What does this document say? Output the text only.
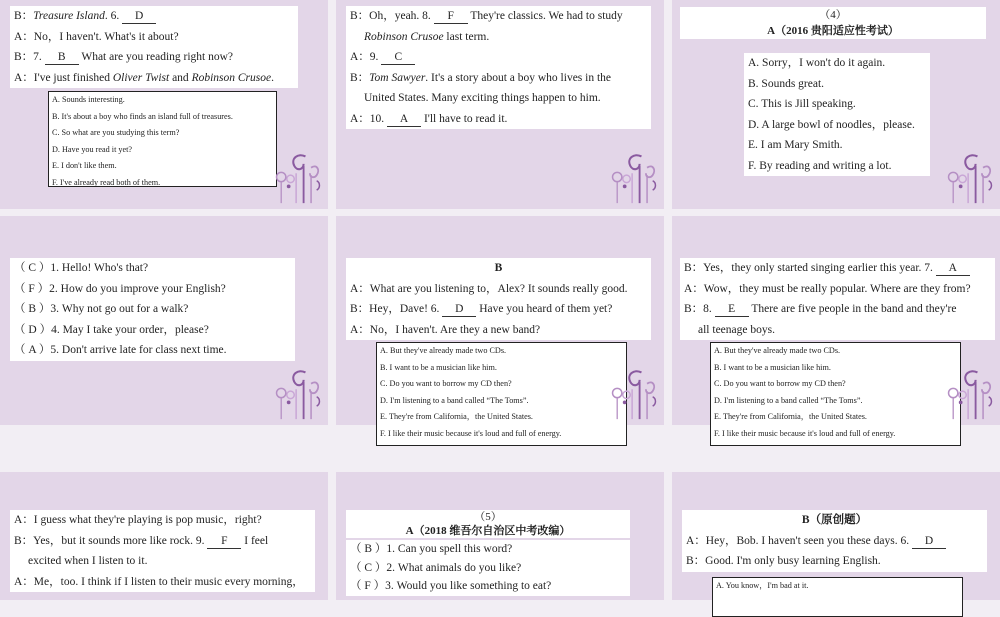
B：Treasure Island. 6. D
A：No，I haven't. What's it about?
B：7. B What are you reading right now?
A：I've just finished Oliver Twist and Robinson Crusoe.
A. Sounds interesting.
B. It's about a boy who finds an island full of treasures.
C. So what are you studying this term?
D. Have you read it yet?
E. I don't like them.
F. I've already read both of them.
B：Oh，yeah. 8. F They're classics. We had to study
Robinson Crusoe last term.
A：9. C
B：Tom Sawyer. It's a story about a boy who lives in the
United States. Many exciting things happen to him.
A：10. A I'll have to read it.
（4）
A（2016 贵阳适应性考试）
A. Sorry，I won't do it again.
B. Sounds great.
C. This is Jill speaking.
D. A large bowl of noodles，please.
E. I am Mary Smith.
F. By reading and writing a lot.
（ C ）1. Hello! Who's that?
（ F ）2. How do you improve your English?
（ B ）3. Why not go out for a walk?
（ D ）4. May I take your order，please?
（ A ）5. Don't arrive late for class next time.
B
A：What are you listening to，Alex? It sounds really good.
B：Hey，Dave! 6. D Have you heard of them yet?
A：No，I haven't. Are they a new band?
A. But they've already made two CDs.
B. I want to be a musician like him.
C. Do you want to borrow my CD then?
D. I'm listening to a band called “The Toms”.
E. They're from California，the United States.
F. I like their music because it's loud and full of energy.
B：Yes，they only started singing earlier this year. 7. A
A：Wow，they must be really popular. Where are they from?
B：8. E There are five people in the band and they're
all teenage boys.
A. But they've already made two CDs.
B. I want to be a musician like him.
C. Do you want to borrow my CD then?
D. I'm listening to a band called “The Toms”.
E. They're from California，the United States.
F. I like their music because it's loud and full of energy.
A：I guess what they're playing is pop music，right?
B：Yes，but it sounds more like rock. 9. F I feel
excited when I listen to it.
A：Me，too. I think if I listen to their music every morning，
（5）
A（2018 维吾尔自治区中考改编）
（ B ）1. Can you spell this word?
（ C ）2. What animals do you like?
（ F ）3. Would you like something to eat?
B（原创题）
A：Hey，Bob. I haven't seen you these days. 6. D
B：Good. I'm only busy learning English.
A. You know，I'm bad at it.
